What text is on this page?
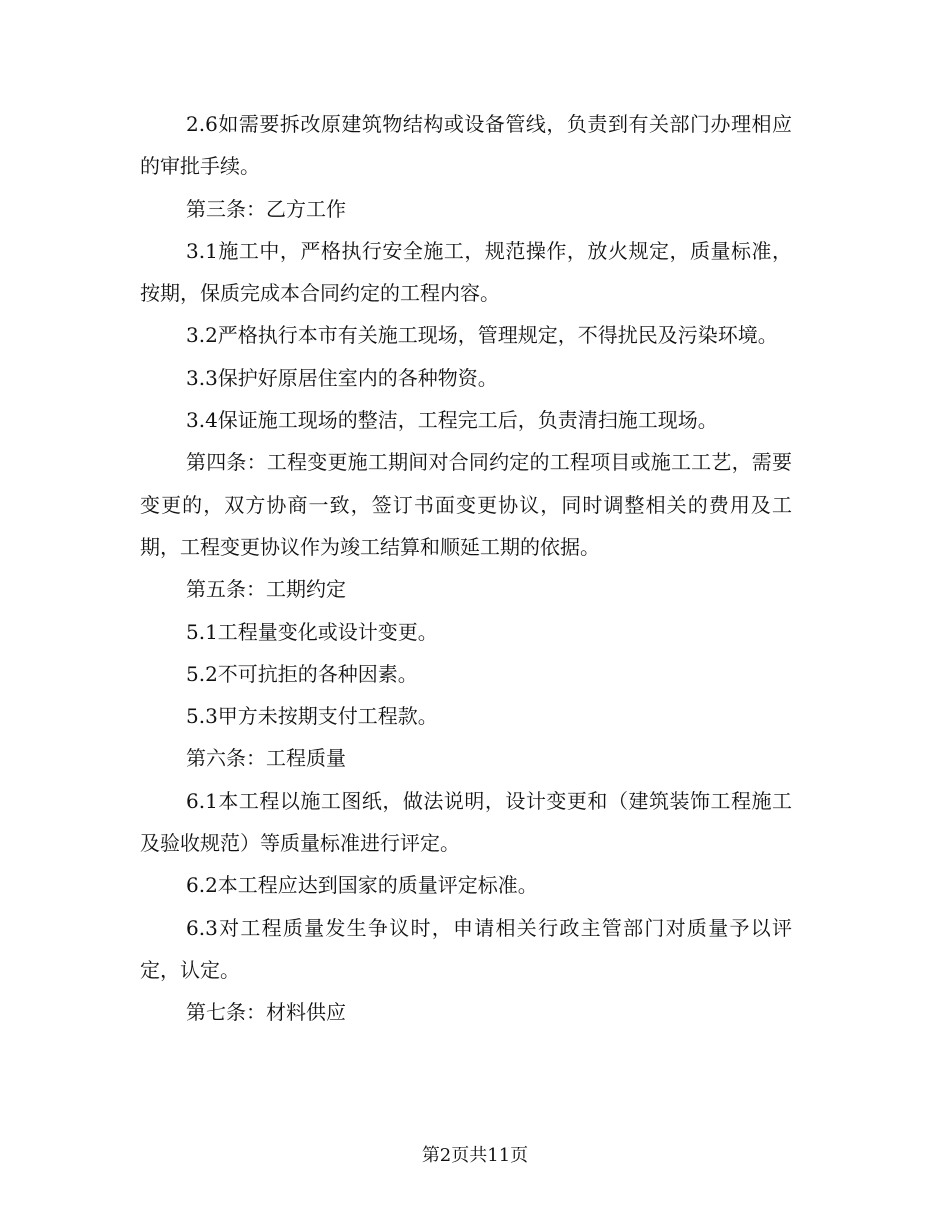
2.6如需要拆改原建筑物结构或设备管线，负责到有关部门办理相应的审批手续。

第三条：乙方工作

3.1施工中，严格执行安全施工，规范操作，放火规定，质量标准，按期，保质完成本合同约定的工程内容。

3.2严格执行本市有关施工现场，管理规定，不得扰民及污染环境。

3.3保护好原居住室内的各种物资。

3.4保证施工现场的整洁，工程完工后，负责清扫施工现场。

第四条：工程变更施工期间对合同约定的工程项目或施工工艺，需要变更的，双方协商一致，签订书面变更协议，同时调整相关的费用及工期，工程变更协议作为竣工结算和顺延工期的依据。

第五条：工期约定

5.1工程量变化或设计变更。

5.2不可抗拒的各种因素。

5.3甲方未按期支付工程款。

第六条：工程质量

6.1本工程以施工图纸，做法说明，设计变更和（建筑装饰工程施工及验收规范）等质量标准进行评定。

6.2本工程应达到国家的质量评定标准。

6.3对工程质量发生争议时，申请相关行政主管部门对质量予以评定，认定。

第七条：材料供应

第2页共11页
